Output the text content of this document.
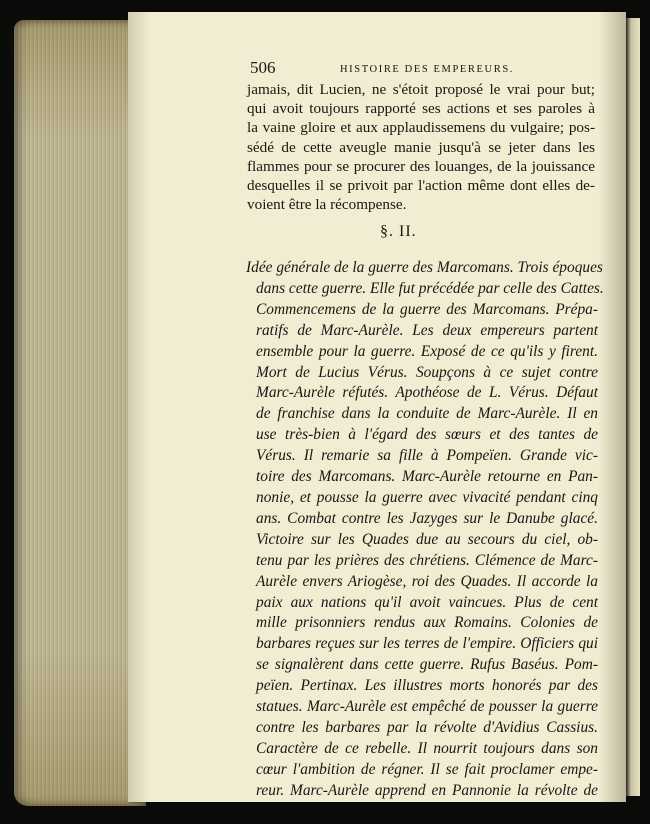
506	HISTOIRE DES EMPEREURS.
jamais, dit Lucien, ne s'étoit proposé le vrai pour but;
qui avoit toujours rapporté ses actions et ses paroles à
la vaine gloire et aux applaudissemens du vulgaire; pos-
sédé de cette aveugle manie jusqu'à se jeter dans les
flammes pour se procurer des louanges, de la jouissance
desquelles il se privoit par l'action même dont elles de-
voient être la récompense.
§. II.
Idée générale de la guerre des Marcomans. Trois époques
dans cette guerre. Elle fut précédée par celle des Cattes.
Commencemens de la guerre des Marcomans. Prépa-
ratifs de Marc-Aurèle. Les deux empereurs partent
ensemble pour la guerre. Exposé de ce qu'ils y firent.
Mort de Lucius Vérus. Soupçons à ce sujet contre
Marc-Aurèle réfutés. Apothéose de L. Vérus. Défaut
de franchise dans la conduite de Marc-Aurèle. Il en
use très-bien à l'égard des sœurs et des tantes de
Vérus. Il remarie sa fille à Pompeïen. Grande vic-
toire des Marcomans. Marc-Aurèle retourne en Pan-
nonie, et pousse la guerre avec vivacité pendant cinq
ans. Combat contre les Jazyges sur le Danube glacé.
Victoire sur les Quades due au secours du ciel, ob-
tenu par les prières des chrétiens. Clémence de Marc-
Aurèle envers Ariogèse, roi des Quades. Il accorde la
paix aux nations qu'il avoit vaincues. Plus de cent
mille prisonniers rendus aux Romains. Colonies de
barbares reçues sur les terres de l'empire. Officiers qui
se signalèrent dans cette guerre. Rufus Baséus. Pom-
peïen. Pertinax. Les illustres morts honorés par des
statues. Marc-Aurèle est empêché de pousser la guerre
contre les barbares par la révolte d'Avidius Cassius.
Caractère de ce rebelle. Il nourrit toujours dans son
cœur l'ambition de régner. Il se fait proclamer empe-
reur. Marc-Aurèle apprend en Pannonie la révolte de
